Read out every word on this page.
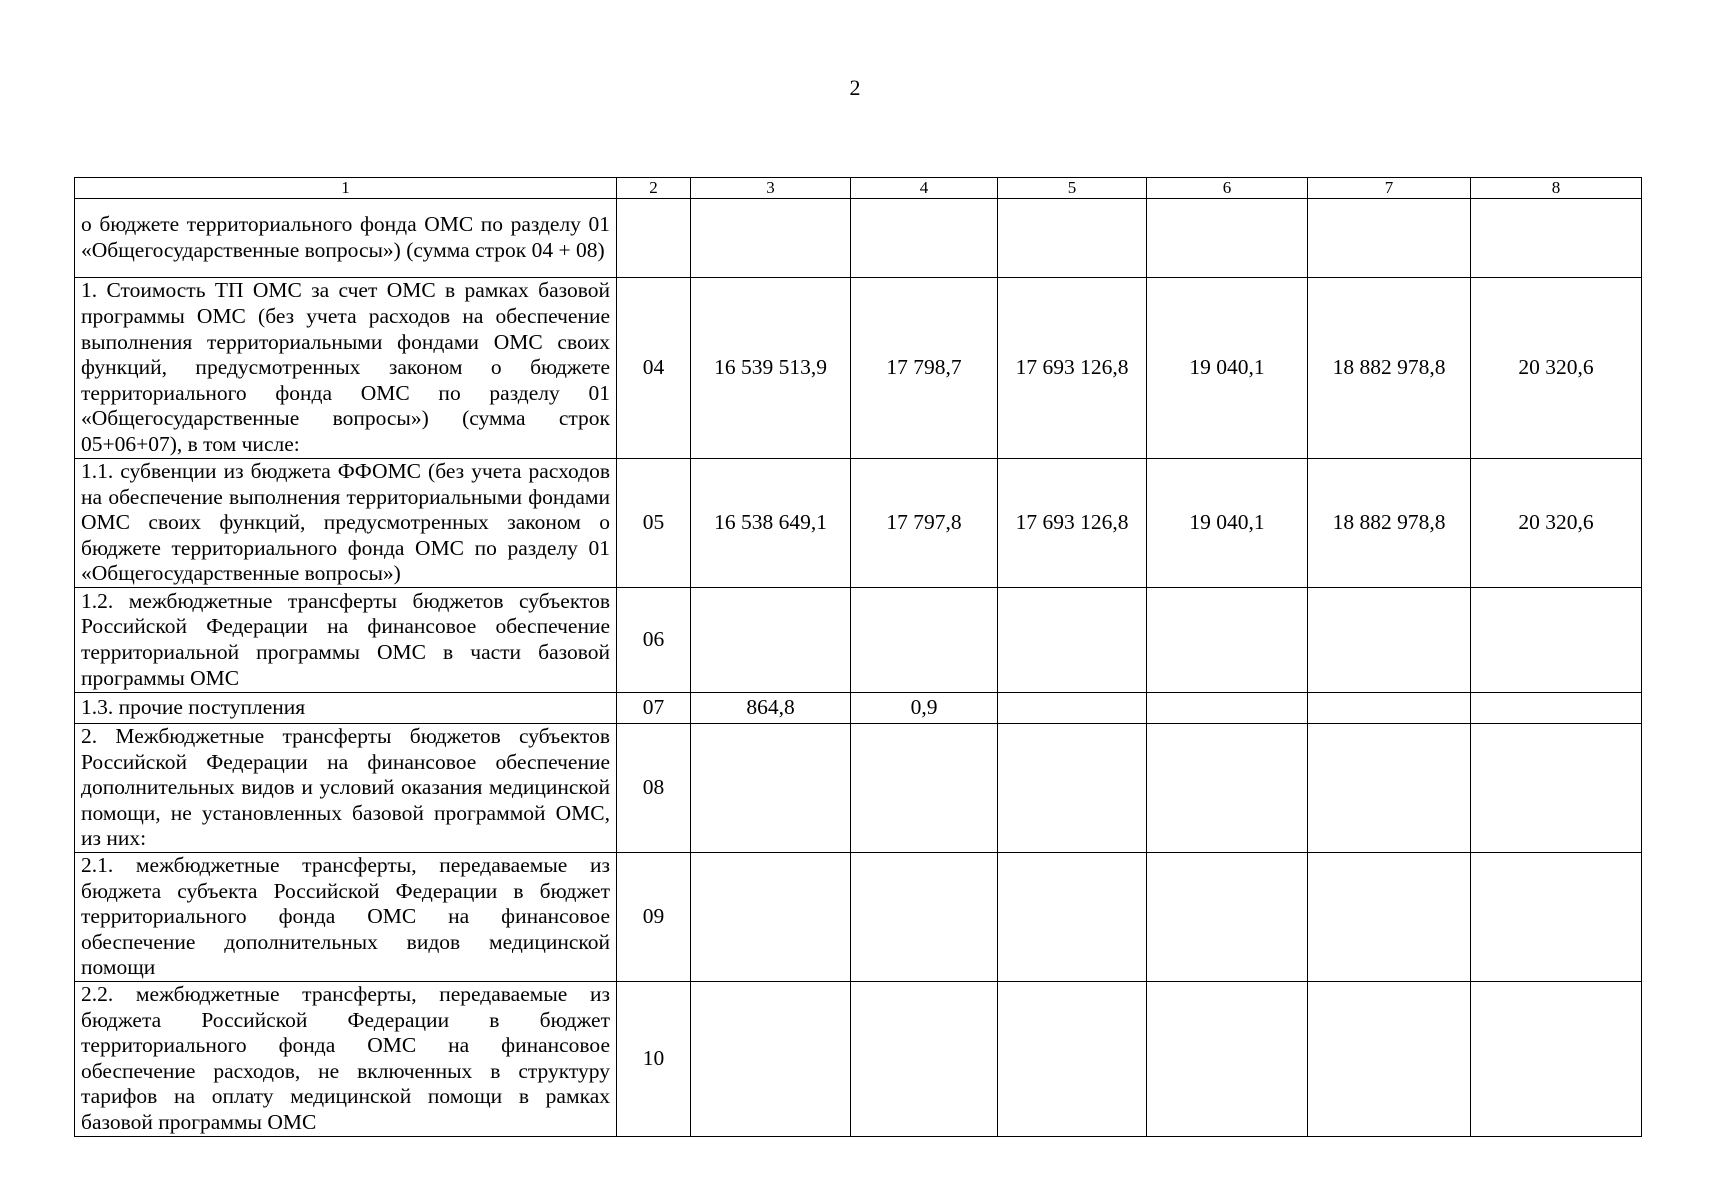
2
1	2	3	4	5	6	7	8
о бюджете территориального фонда ОМС по разделу 01 «Общегосударственные вопросы») (сумма строк 04 + 08)							
1. Стоимость ТП ОМС за счет ОМС в рамках базовой программы ОМС (без учета расходов на обеспечение выполнения территориальными фондами ОМС своих функций, предусмотренных законом о бюджете территориального фонда ОМС по разделу 01 «Общегосударственные вопросы») (сумма строк 05+06+07), в том числе:	04	16 539 513,9	17 798,7	17 693 126,8	19 040,1	18 882 978,8	20 320,6
1.1. субвенции из бюджета ФФОМС (без учета расходов на обеспечение выполнения территориальными фондами ОМС своих функций, предусмотренных законом о бюджете территориального фонда ОМС по разделу 01 «Общегосударственные вопросы»)	05	16 538 649,1	17 797,8	17 693 126,8	19 040,1	18 882 978,8	20 320,6
1.2. межбюджетные трансферты бюджетов субъектов Российской Федерации на финансовое обеспечение территориальной программы ОМС в части базовой программы ОМС	06						
1.3. прочие поступления	07	864,8	0,9				
2. Межбюджетные трансферты бюджетов субъектов Российской Федерации на финансовое обеспечение дополнительных видов и условий оказания медицинской помощи, не установленных базовой программой ОМС, из них:	08						
2.1. межбюджетные трансферты, передаваемые из бюджета субъекта Российской Федерации в бюджет территориального фонда ОМС на финансовое обеспечение дополнительных видов медицинской помощи	09						
2.2. межбюджетные трансферты, передаваемые из бюджета Российской Федерации в бюджет территориального фонда ОМС на финансовое обеспечение расходов, не включенных в структуру тарифов на оплату медицинской помощи в рамках базовой программы ОМС	10						
